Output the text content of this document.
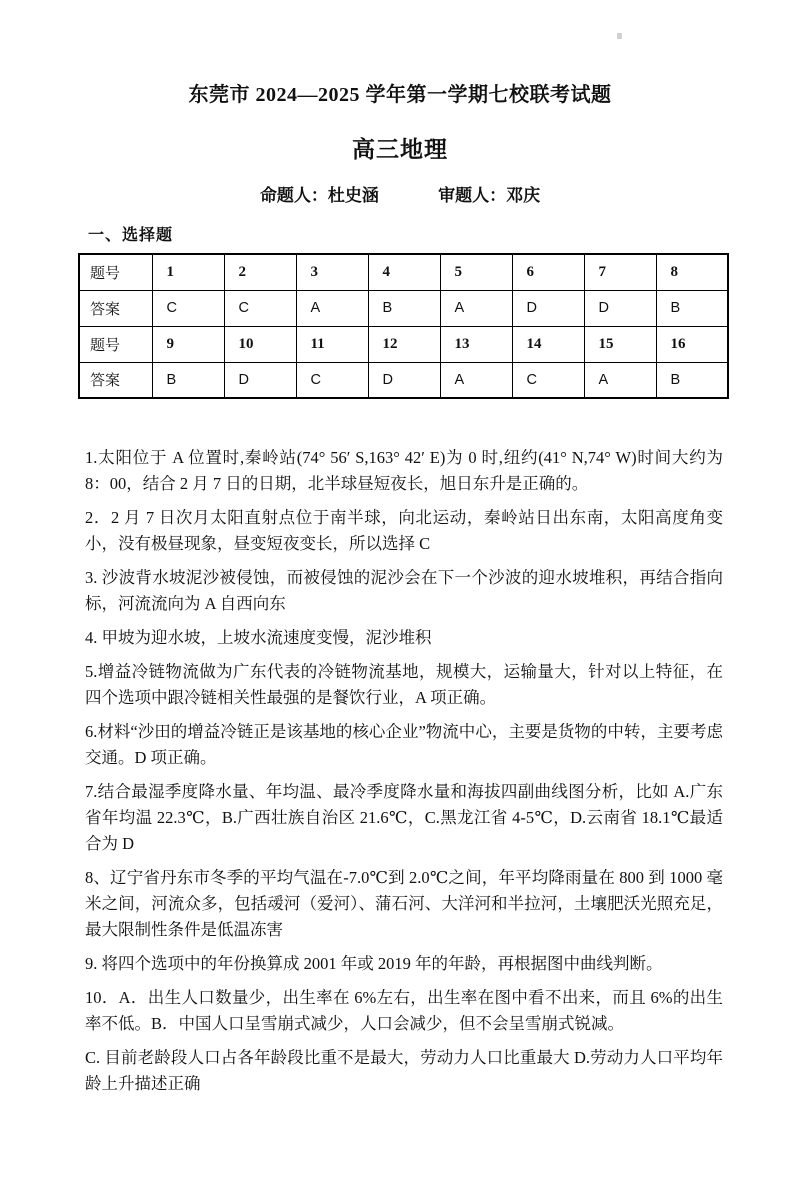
东莞市 2024—2025 学年第一学期七校联考试题
高三地理
命题人：杜史涵	审题人：邓庆
一、选择题
题号	1	2	3	4	5	6	7	8
答案	C	C	A	B	A	D	D	B
题号	9	10	11	12	13	14	15	16
答案	B	D	C	D	A	C	A	B

1.太阳位于 A 位置时,秦岭站(74° 56′ S,163° 42′ E)为 0 时,纽约(41° N,74° W)时间大约为 8：00，结合 2 月 7 日的日期，北半球昼短夜长，旭日东升是正确的。

2．2 月 7 日次月太阳直射点位于南半球，向北运动，秦岭站日出东南，太阳高度角变小，没有极昼现象，昼变短夜变长，所以选择 C

3. 沙波背水坡泥沙被侵蚀，而被侵蚀的泥沙会在下一个沙波的迎水坡堆积，再结合指向标，河流流向为 A 自西向东

4. 甲坡为迎水坡，上坡水流速度变慢，泥沙堆积

5.增益冷链物流做为广东代表的冷链物流基地，规模大，运输量大，针对以上特征，在四个选项中跟冷链相关性最强的是餐饮行业，A 项正确。

6.材料“沙田的增益冷链正是该基地的核心企业”物流中心，主要是货物的中转，主要考虑交通。D 项正确。

7.结合最湿季度降水量、年均温、最冷季度降水量和海拔四副曲线图分析，比如 A.广东省年均温 22.3℃，B.广西壮族自治区 21.6℃，C.黑龙江省 4-5℃，D.云南省 18.1℃最适合为 D

8、辽宁省丹东市冬季的平均气温在-7.0℃到 2.0℃之间，年平均降雨量在 800 到 1000 毫米之间，河流众多，包括叆河（爱河）、蒲石河、大洋河和半拉河，土壤肥沃光照充足，最大限制性条件是低温冻害

9. 将四个选项中的年份换算成 2001 年或 2019 年的年龄，再根据图中曲线判断。

10．A．出生人口数量少，出生率在 6%左右，出生率在图中看不出来，而且 6%的出生率不低。B．中国人口呈雪崩式减少，人口会减少，但不会呈雪崩式锐减。

C. 目前老龄段人口占各年龄段比重不是最大，劳动力人口比重最大 D.劳动力人口平均年龄上升描述正确
